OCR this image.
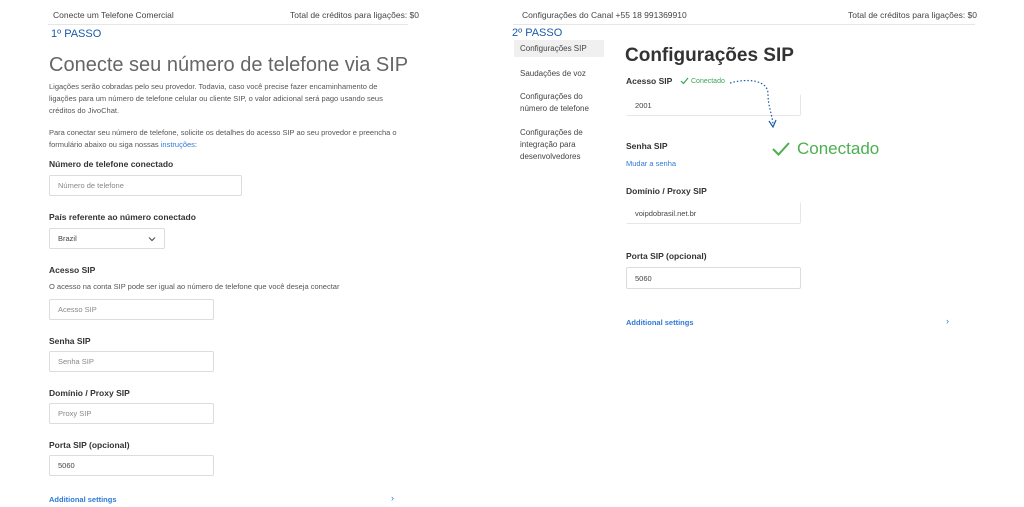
Conecte um Telefone Comercial	Total de créditos para ligações: $0
1º PASSO
Conecte seu número de telefone via SIP
Ligações serão cobradas pelo seu provedor. Todavia, caso você precise fazer encaminhamento de
ligações para um número de telefone celular ou cliente SIP, o valor adicional será pago usando seus
créditos do JivoChat.
Para conectar seu número de telefone, solicite os detalhes do acesso SIP ao seu provedor e preencha o
formulário abaixo ou siga nossas instruções:
Número de telefone conectado
Número de telefone
País referente ao número conectado
Brazil
Acesso SIP
O acesso na conta SIP pode ser igual ao número de telefone que você deseja conectar
Acesso SIP
Senha SIP
Senha SIP
Domínio / Proxy SIP
Proxy SIP
Porta SIP (opcional)
5060
Additional settings	›
Configurações do Canal +55 18 991369910	Total de créditos para ligações: $0
2º PASSO
Configurações SIP
Saudações de voz
Configurações do
número de telefone
Configurações de
integração para
desenvolvedores
Configurações SIP
Acesso SIP	Conectado
2001
Conectado
Senha SIP
Mudar a senha
Domínio / Proxy SIP
voipdobrasil.net.br
Porta SIP (opcional)
5060
Additional settings	›
